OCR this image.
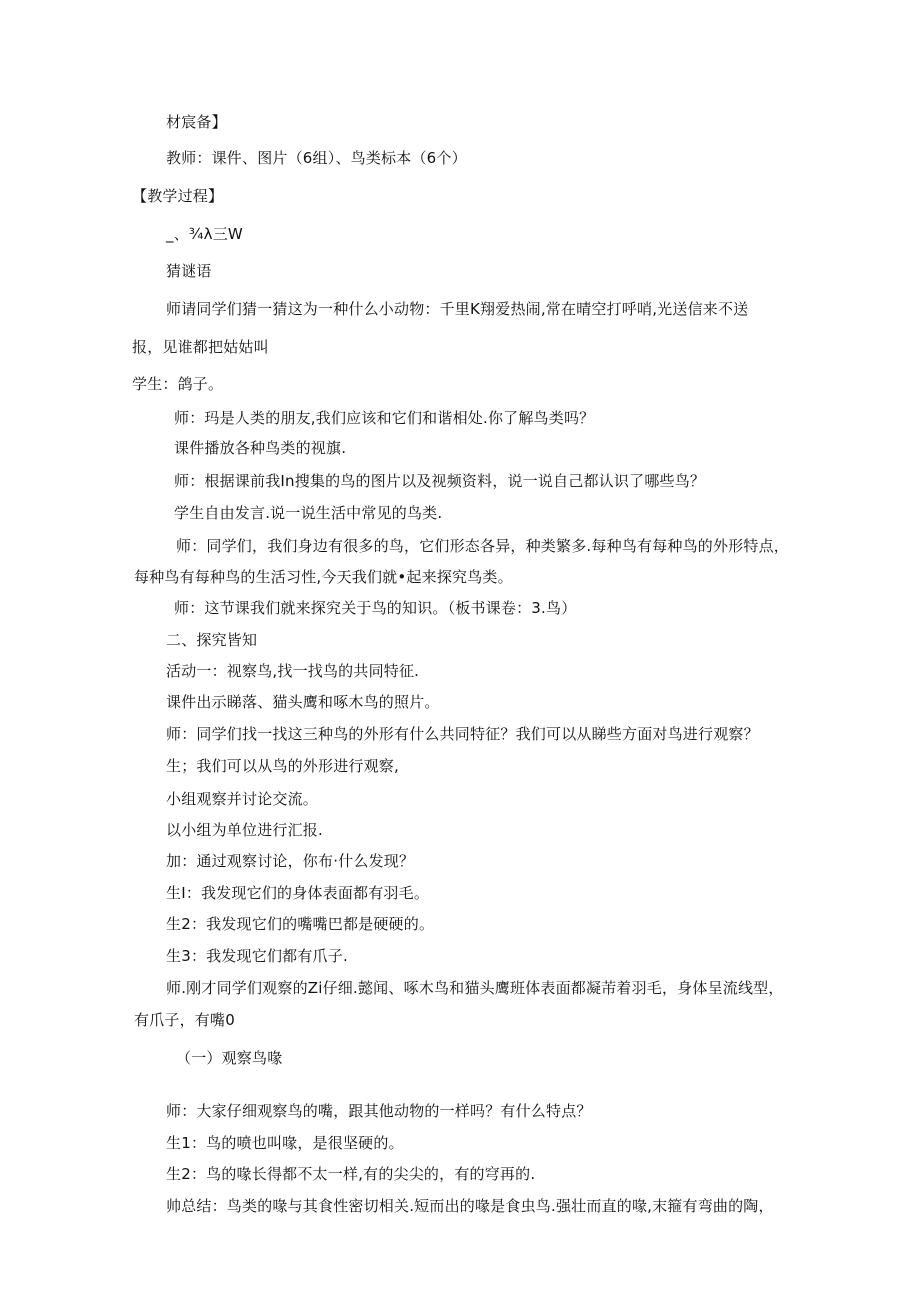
材宸备】
教师：课件、图片（6组）、鸟类标本（6个）
【教学过程】
_、¾λ三W
猜谜语
师请同学们猜一猜这为一种什么小动物：千里K翔爱热闹,常在晴空打呼哨,光送信来不送
报，见谁都把姑姑叫
学生：鸽子。
师：玛是人类的朋友,我们应该和它们和谐相处.你了解鸟类吗？
课件播放各种鸟类的视旗.
师：根据课前我In搜集的鸟的图片以及视频资料，说一说自己都认识了哪些鸟？
学生自由发言.说一说生活中常见的鸟类.
师：同学们，我们身边有很多的鸟，它们形态各异，种类繁多.每种鸟有每种鸟的外形特点，
每种鸟有每种鸟的生活习性,今天我们就•起来探究鸟类。
师：这节课我们就来探究关于鸟的知识。（板书课卷：3.鸟）
二、探究皆知
活动一：视察鸟,找一找鸟的共同特征.
课件出示睇落、猫头鹰和啄木鸟的照片。
师：同学们找一找这三种鸟的外形有什么共同特征？我们可以从睇些方面对鸟进行观察？
生；我们可以从鸟的外形进行观察,
小组观察并讨论交流。
以小组为单位进行汇报.
加：通过观察讨论，你布·什么发现？
生I：我发现它们的身体表面都有羽毛。
生2：我发现它们的嘴嘴巴都是硬硬的。
生3：我发现它们都有爪子.
师.刚才同学们观察的Zi仔细.懿闻、啄木鸟和猫头鹰班体表面都凝芾着羽毛，身体呈流线型，
有爪子，有嘴0
（一）观察鸟喙
师：大家仔细观察鸟的嘴，跟其他动物的一样吗？有什么特点？
生1：鸟的喷也叫喙，是很坚硬的。
生2：鸟的喙长得都不太一样,有的尖尖的，有的穹再的.
帅总结：鸟类的喙与其食性密切相关.短而出的喙是食虫鸟.强壮而直的喙,末箍有弯曲的陶，
